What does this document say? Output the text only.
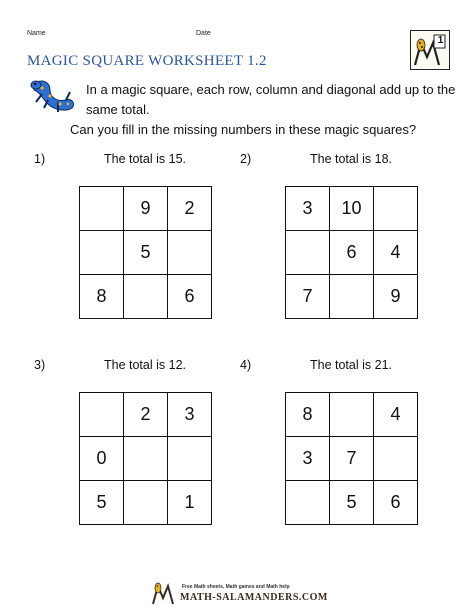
Name	Date
1
MAGIC SQUARE WORKSHEET 1.2
In a magic square, each row, column and diagonal add up to the
same total.
Can you fill in the missing numbers in these magic squares?
1)	The total is 15.
	9	2
	5	
8		6
2)	The total is 18.
3	10	
	6	4
7		9
3)	The total is 12.
	2	3
0		
5		1
4)	The total is 21.
8		4
3	7	
	5	6
Free Math sheets, Math games and Math help
MATH-SALAMANDERS.COM
